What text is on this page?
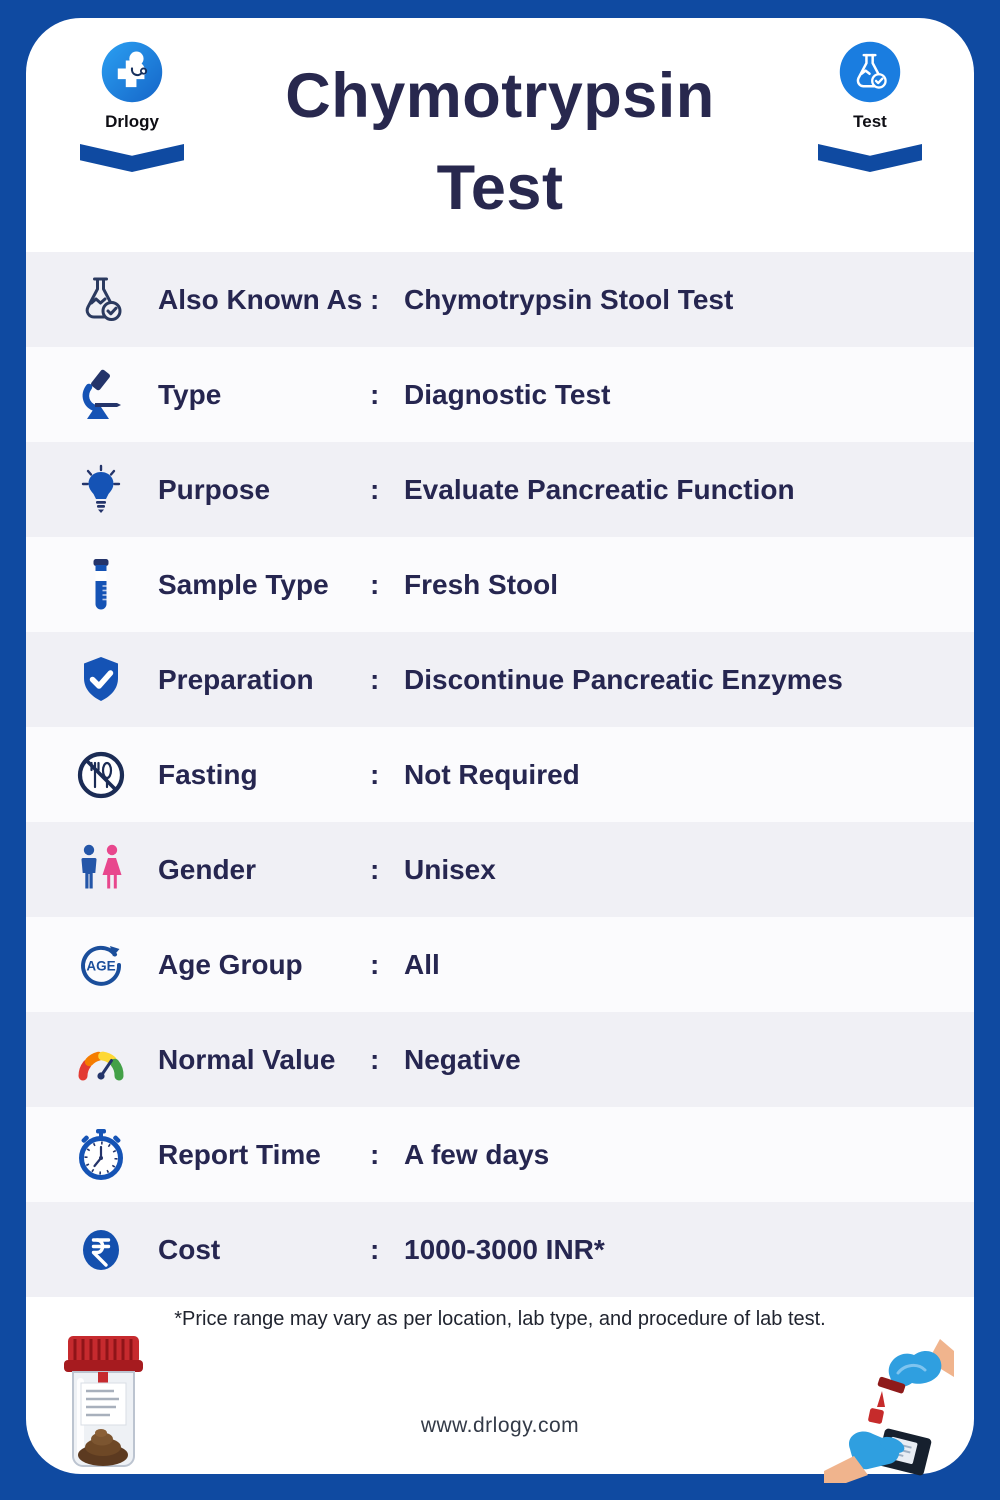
Drlogy	Test
Chymotrypsin
Test
Also Known As : Chymotrypsin Stool Test
Type	: Diagnostic Test
Purpose	: Evaluate Pancreatic Function
Sample Type	: Fresh Stool
Preparation	: Discontinue Pancreatic Enzymes
Fasting	: Not Required
Gender	: Unisex
AGE Age Group	: All
Normal Value	: Negative
Report Time	: A few days
Cost	: 1000-3000 INR*
*Price range may vary as per location, lab type, and procedure of lab test.
www.drlogy.com
